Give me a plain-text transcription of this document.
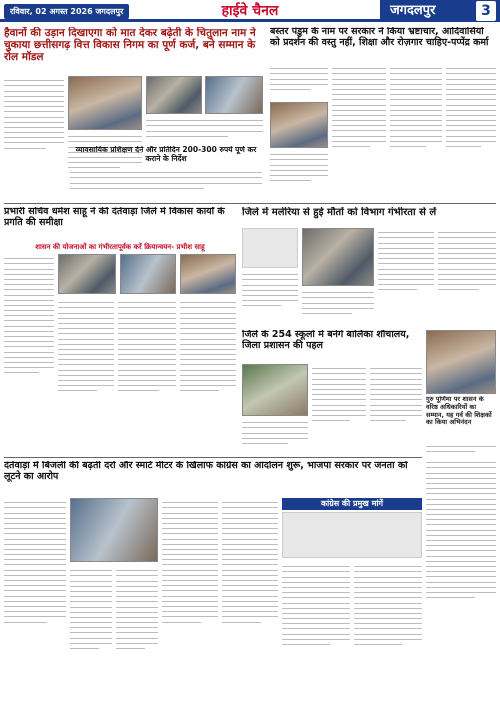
रविवार, 02 अगस्त 2026 जगदलपुर	हाईवे चैनल	जगदलपुर	3
हैवानों की उड़ान दिखाएगा को मात देकर बढ़ेती के चितुलान नाम ने चुकाया छत्तीसगढ़ वित्त विकास निगम का पूर्ण कर्ज, बने सम्मान के रोल मॉडल
व्यावसायिक प्रशिक्षण देने और प्रतिदिन 200-300 रुपये पूर्ण कर कराने के निर्देश
बस्तर पंडुम के नाम पर सरकार ने किया भ्रष्टाचार, आदिवासियों को प्रदर्शन की वस्तु नहीं, शिक्षा और रोज़गार चाहिए-पप्पेंद्र कर्मा
प्रभारी सचिव धर्मेश साहू ने की दंतेवाड़ा जिले में विकास कार्यों के प्रगति की समीक्षा
शासन की योजनाओं का गंभीरतापूर्वक करें क्रियान्वयन- प्रभीश साहू
जिले में मलेरिया से हुई मौतों को विभाग गंभीरता से लें
जिले के 254 स्कूलों में बनेंगे बालिका शौचालय, जिला प्रशासन की पहल
गुरु पूर्णिमा पर शासन के वरिष्ठ अधिकारियों का सम्मान, यह गर्व की शिक्षकों का किया अभिनंदन
दंतेवाड़ा में बिजली की बढ़ती दरों और स्मार्ट मीटर के खिलाफ कांग्रेस का आंदोलन शुरू, भाजपा सरकार पर जनता को लूटने का आरोप
कांग्रेस की प्रमुख मांगें
